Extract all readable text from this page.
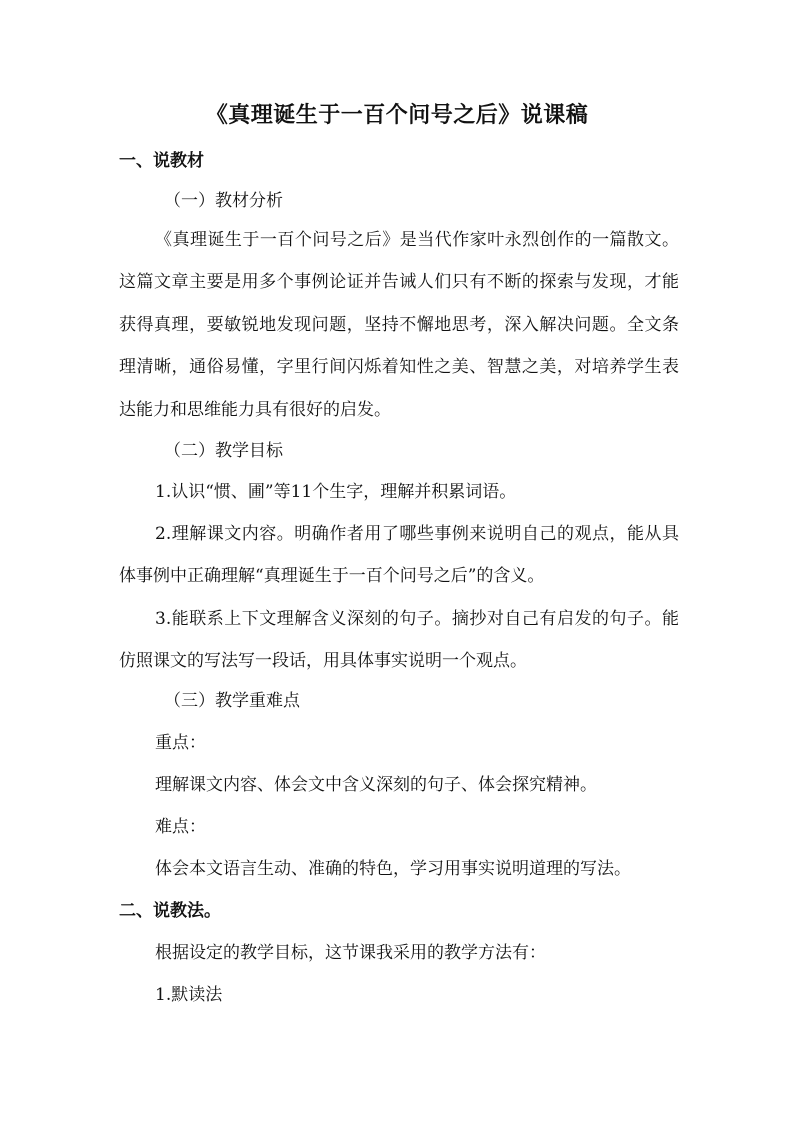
《真理诞生于一百个问号之后》说课稿
一、说教材
（一）教材分析
《真理诞生于一百个问号之后》是当代作家叶永烈创作的一篇散文。这篇文章主要是用多个事例论证并告诫人们只有不断的探索与发现，才能获得真理，要敏锐地发现问题，坚持不懈地思考，深入解决问题。全文条理清晰，通俗易懂，字里行间闪烁着知性之美、智慧之美，对培养学生表达能力和思维能力具有很好的启发。
（二）教学目标
1.认识“惯、圃”等11个生字，理解并积累词语。
2.理解课文内容。明确作者用了哪些事例来说明自己的观点，能从具体事例中正确理解“真理诞生于一百个问号之后”的含义。
3.能联系上下文理解含义深刻的句子。摘抄对自己有启发的句子。能仿照课文的写法写一段话，用具体事实说明一个观点。
（三）教学重难点
重点：
理解课文内容、体会文中含义深刻的句子、体会探究精神。
难点：
体会本文语言生动、准确的特色，学习用事实说明道理的写法。
二、说教法。
根据设定的教学目标，这节课我采用的教学方法有：
1.默读法
